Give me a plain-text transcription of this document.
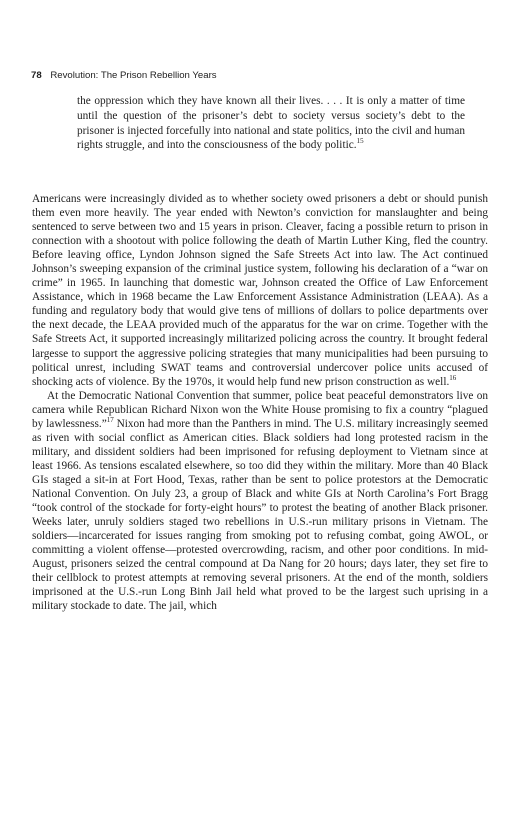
78 Revolution: The Prison Rebellion Years
the oppression which they have known all their lives. . . . It is only a matter of time until the question of the prisoner’s debt to society versus society’s debt to the prisoner is injected forcefully into national and state politics, into the civil and human rights struggle, and into the consciousness of the body politic.$^{15}$

Americans were increasingly divided as to whether society owed prisoners a debt or should punish them even more heavily. The year ended with Newton’s conviction for manslaughter and being sentenced to serve between two and 15 years in prison. Cleaver, facing a possible return to prison in connection with a shootout with police following the death of Martin Luther King, fled the country. Before leaving office, Lyndon Johnson signed the Safe Streets Act into law. The Act continued Johnson’s sweeping expansion of the criminal justice system, following his declaration of a “war on crime” in 1965. In launching that domestic war, Johnson created the Office of Law Enforcement Assistance, which in 1968 became the Law Enforcement Assistance Administration (LEAA). As a funding and regulatory body that would give tens of millions of dollars to police departments over the next decade, the LEAA provided much of the apparatus for the war on crime. Together with the Safe Streets Act, it supported increasingly militarized policing across the country. It brought federal largesse to support the aggressive policing strategies that many municipalities had been pursuing to political unrest, including SWAT teams and controversial undercover police units accused of shocking acts of violence. By the 1970s, it would help fund new prison construction as well.$^{16}$

At the Democratic National Convention that summer, police beat peaceful demonstrators live on camera while Republican Richard Nixon won the White House promising to fix a country “plagued by lawlessness.”$^{17}$ Nixon had more than the Panthers in mind. The U.S. military increasingly seemed as riven with social conflict as American cities. Black soldiers had long protested racism in the military, and dissident soldiers had been imprisoned for refusing deployment to Vietnam since at least 1966. As tensions escalated elsewhere, so too did they within the military. More than 40 Black GIs staged a sit-in at Fort Hood, Texas, rather than be sent to police protestors at the Democratic National Convention. On July 23, a group of Black and white GIs at North Carolina’s Fort Bragg “took control of the stockade for forty-eight hours” to protest the beating of another Black prisoner. Weeks later, unruly soldiers staged two rebellions in U.S.-run military prisons in Vietnam. The soldiers—incarcerated for issues ranging from smoking pot to refusing combat, going AWOL, or committing a violent offense—protested overcrowding, racism, and other poor conditions. In mid-August, prisoners seized the central compound at Da Nang for 20 hours; days later, they set fire to their cellblock to protest attempts at removing several prisoners. At the end of the month, soldiers imprisoned at the U.S.-run Long Binh Jail held what proved to be the largest such uprising in a military stockade to date. The jail, which
